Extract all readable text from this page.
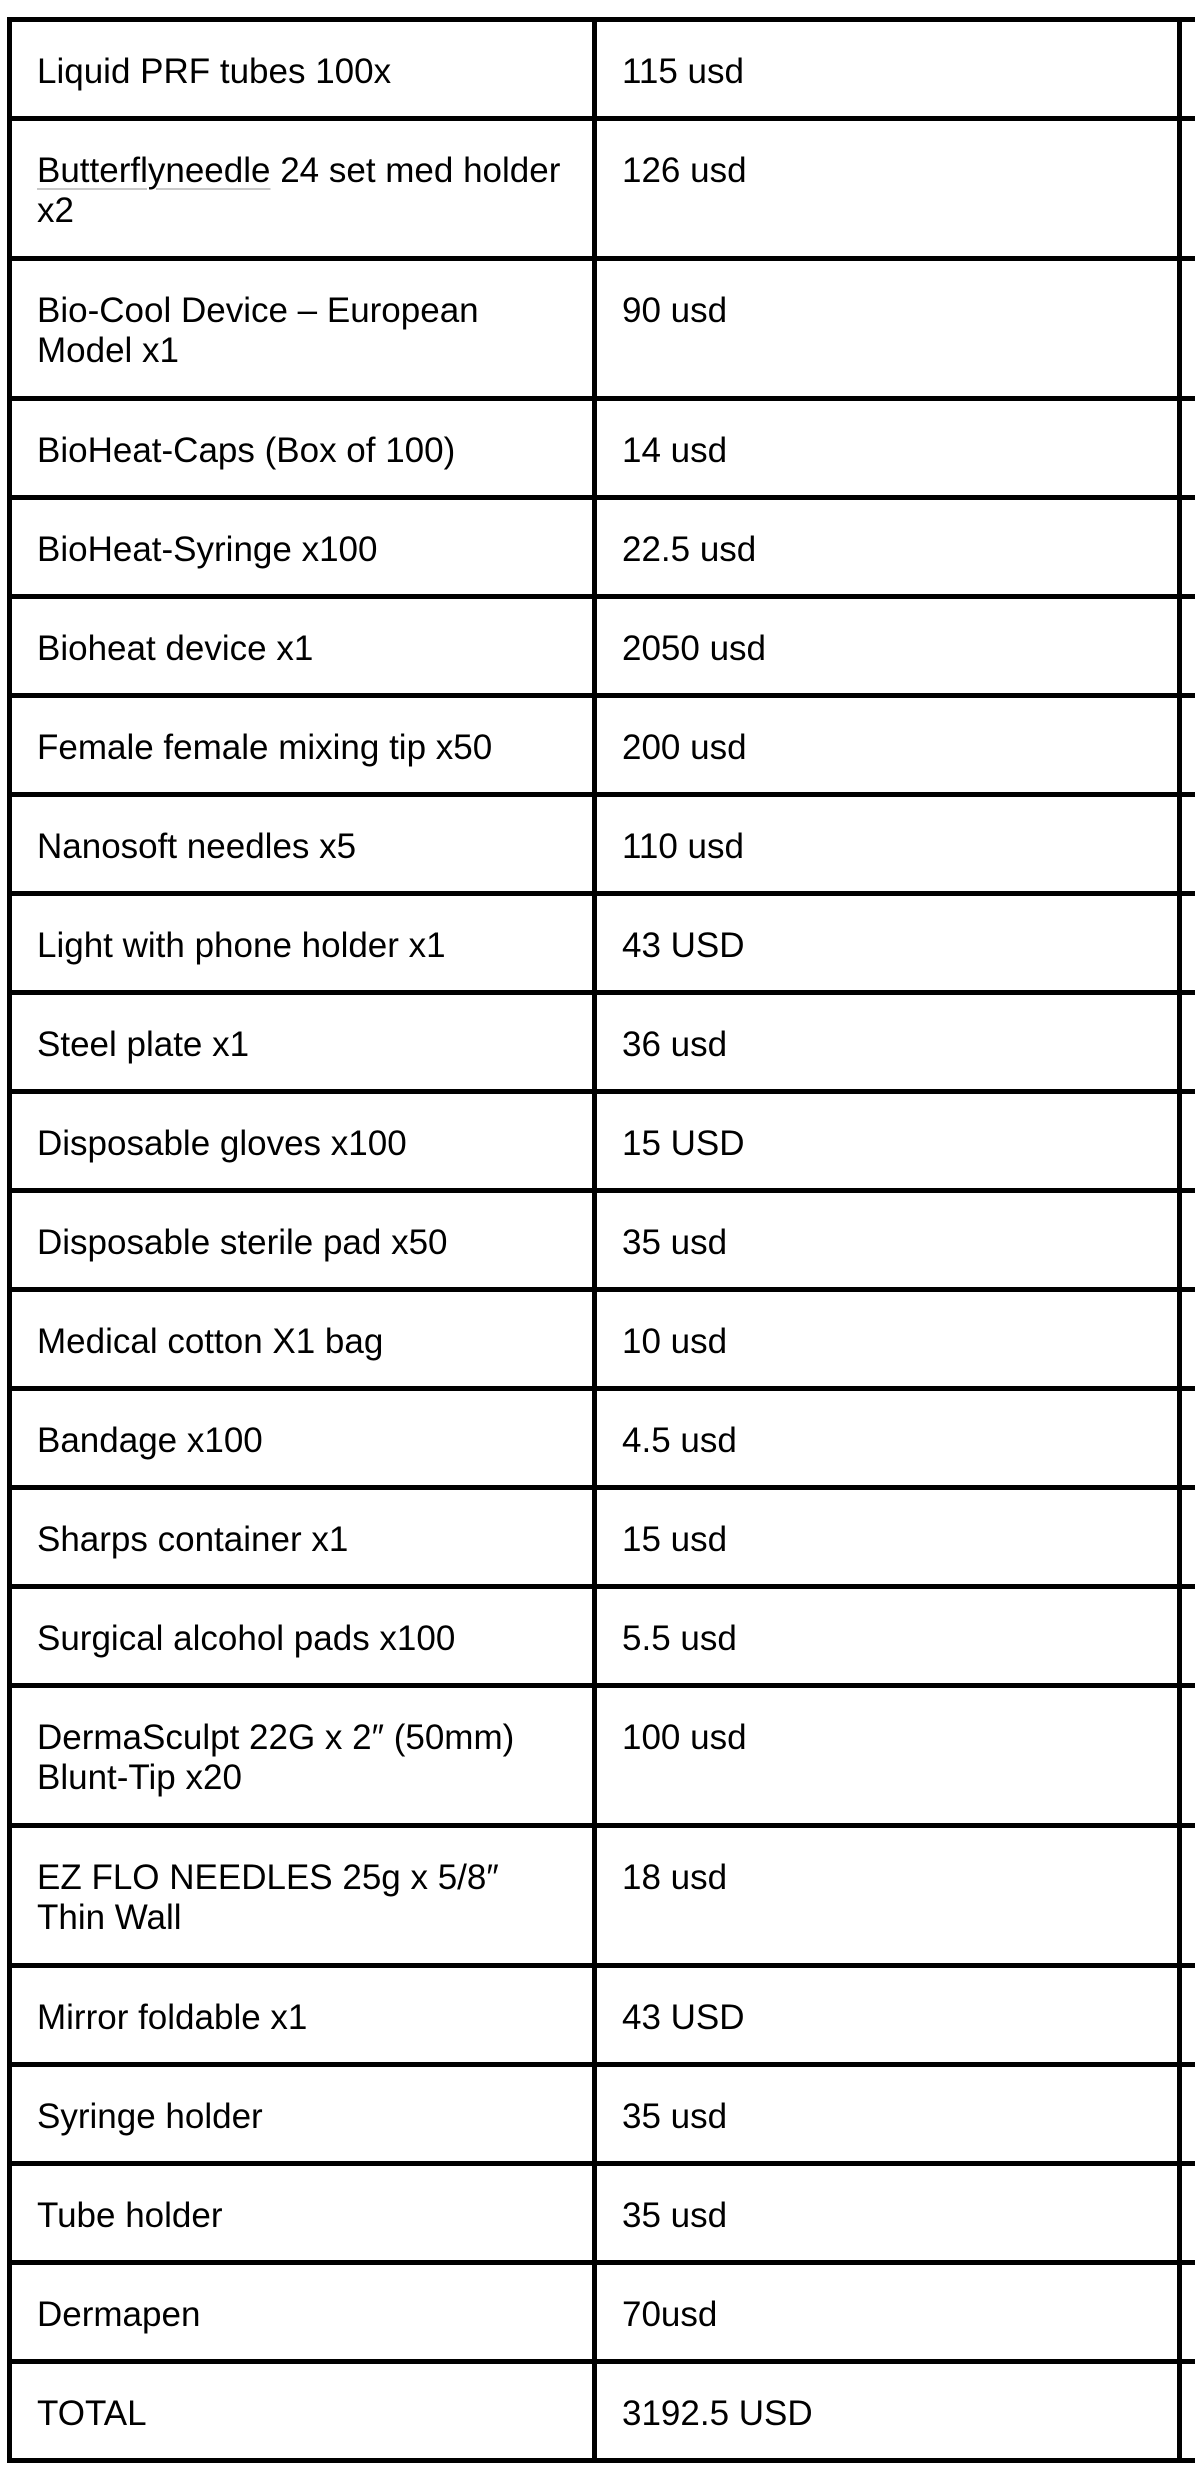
Liquid PRF tubes 100x	115 usd	
Butterflyneedle 24 set med holder x2	126 usd	
Bio-Cool Device – European Model x1	90 usd	
BioHeat-Caps (Box of 100)	14 usd	
BioHeat-Syringe x100	22.5 usd	
Bioheat device x1	2050 usd	
Female female mixing tip x50	200 usd	
Nanosoft needles x5	110 usd	
Light with phone holder x1	43 USD	
Steel plate x1	36 usd	
Disposable gloves x100	15 USD	
Disposable sterile pad x50	35 usd	
Medical cotton X1 bag	10 usd	
Bandage x100	4.5 usd	
Sharps container x1	15 usd	
Surgical alcohol pads x100	5.5 usd	
DermaSculpt 22G x 2″ (50mm) Blunt-Tip x20	100 usd	
EZ FLO NEEDLES 25g x 5/8″ Thin Wall	18 usd	
Mirror foldable x1	43 USD	
Syringe holder	35 usd	
Tube holder	35 usd	
Dermapen	70usd	
TOTAL	3192.5 USD	
